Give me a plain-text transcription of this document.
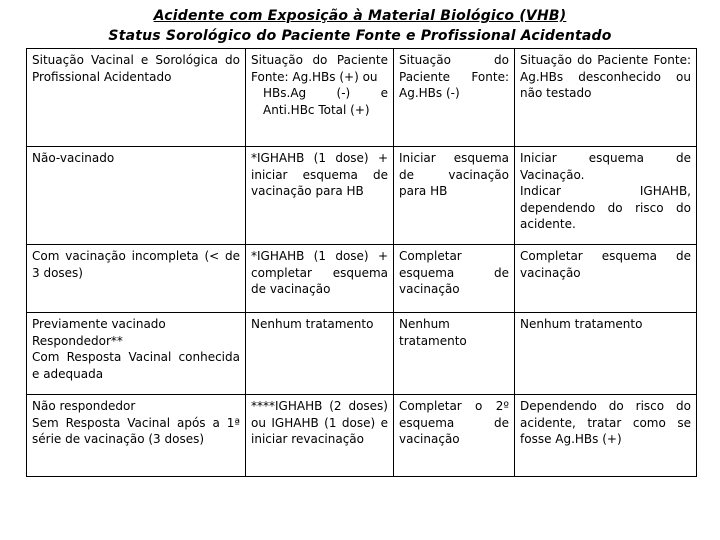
Acidente com Exposição à Material Biológico (VHB)
Status Sorológico do Paciente Fonte e Profissional Acidentado
Situação Vacinal e Sorológica do Profissional Acidentado	Situação do Paciente Fonte: Ag.HBs (+) ou
HBs.Ag (-) e Anti.HBc Total (+)	Situação do Paciente Fonte: Ag.HBs (-)	Situação do Paciente Fonte: Ag.HBs desconhecido ou não testado

Não-vacinado	*IGHAHB (1 dose) + iniciar esquema de vacinação para HB	Iniciar esquema de vacinação para HB	Iniciar esquema de Vacinação.
Indicar IGHAHB, dependendo do risco do acidente.

Com vacinação incompleta (< de 3 doses)	*IGHAHB (1 dose) + completar esquema de vacinação	Completar esquema de vacinação	Completar esquema de vacinação

Previamente vacinado
Respondedor**
Com Resposta Vacinal conhecida e adequada	Nenhum tratamento	Nenhum tratamento	Nenhum tratamento

Não respondedor
Sem Resposta Vacinal após a 1ª série de vacinação (3 doses)	****IGHAHB (2 doses) ou IGHAHB (1 dose) e iniciar revacinação	Completar o 2º esquema de vacinação	Dependendo do risco do acidente, tratar como se fosse Ag.HBs (+)
